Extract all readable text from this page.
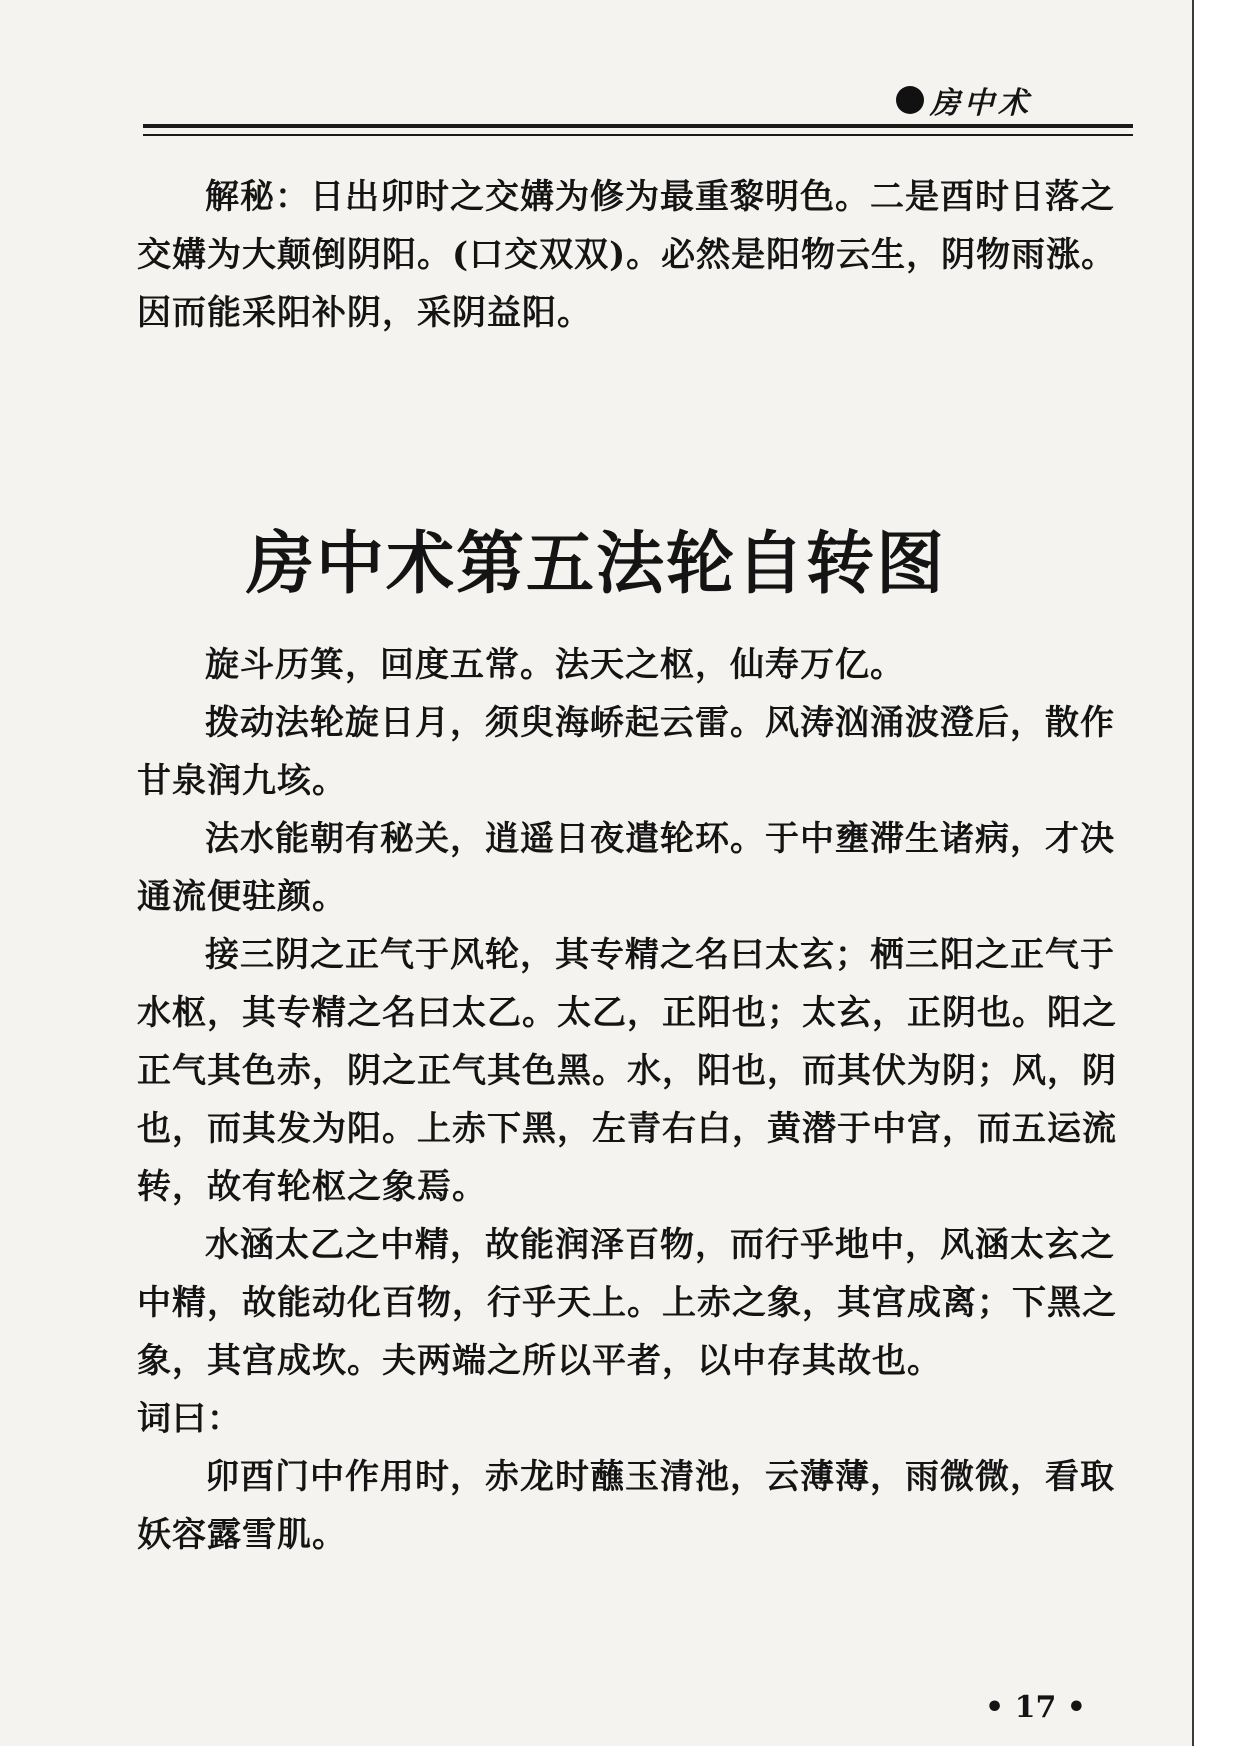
房中术

解秘：日出卯时之交媾为修为最重黎明色。二是酉时日落之交媾为大颠倒阴阳。(口交双双)。必然是阳物云生，阴物雨涨。因而能采阳补阴，采阴益阳。

房中术第五法轮自转图

旋斗历箕，回度五常。法天之枢，仙寿万亿。

拨动法轮旋日月，须臾海峤起云雷。风涛汹涌波澄后，散作甘泉润九垓。

法水能朝有秘关，逍遥日夜遣轮环。于中壅滞生诸病，才决通流便驻颜。

接三阴之正气于风轮，其专精之名曰太玄；栖三阳之正气于水枢，其专精之名曰太乙。太乙，正阳也；太玄，正阴也。阳之正气其色赤，阴之正气其色黑。水，阳也，而其伏为阴；风，阴也，而其发为阳。上赤下黑，左青右白，黄潜于中宫，而五运流转，故有轮枢之象焉。

水涵太乙之中精，故能润泽百物，而行乎地中，风涵太玄之中精，故能动化百物，行乎天上。上赤之象，其宫成离；下黑之象，其宫成坎。夫两端之所以平者，以中存其故也。

词曰：

卯酉门中作用时，赤龙时蘸玉清池，云薄薄，雨微微，看取妖容露雪肌。

• 17 •
